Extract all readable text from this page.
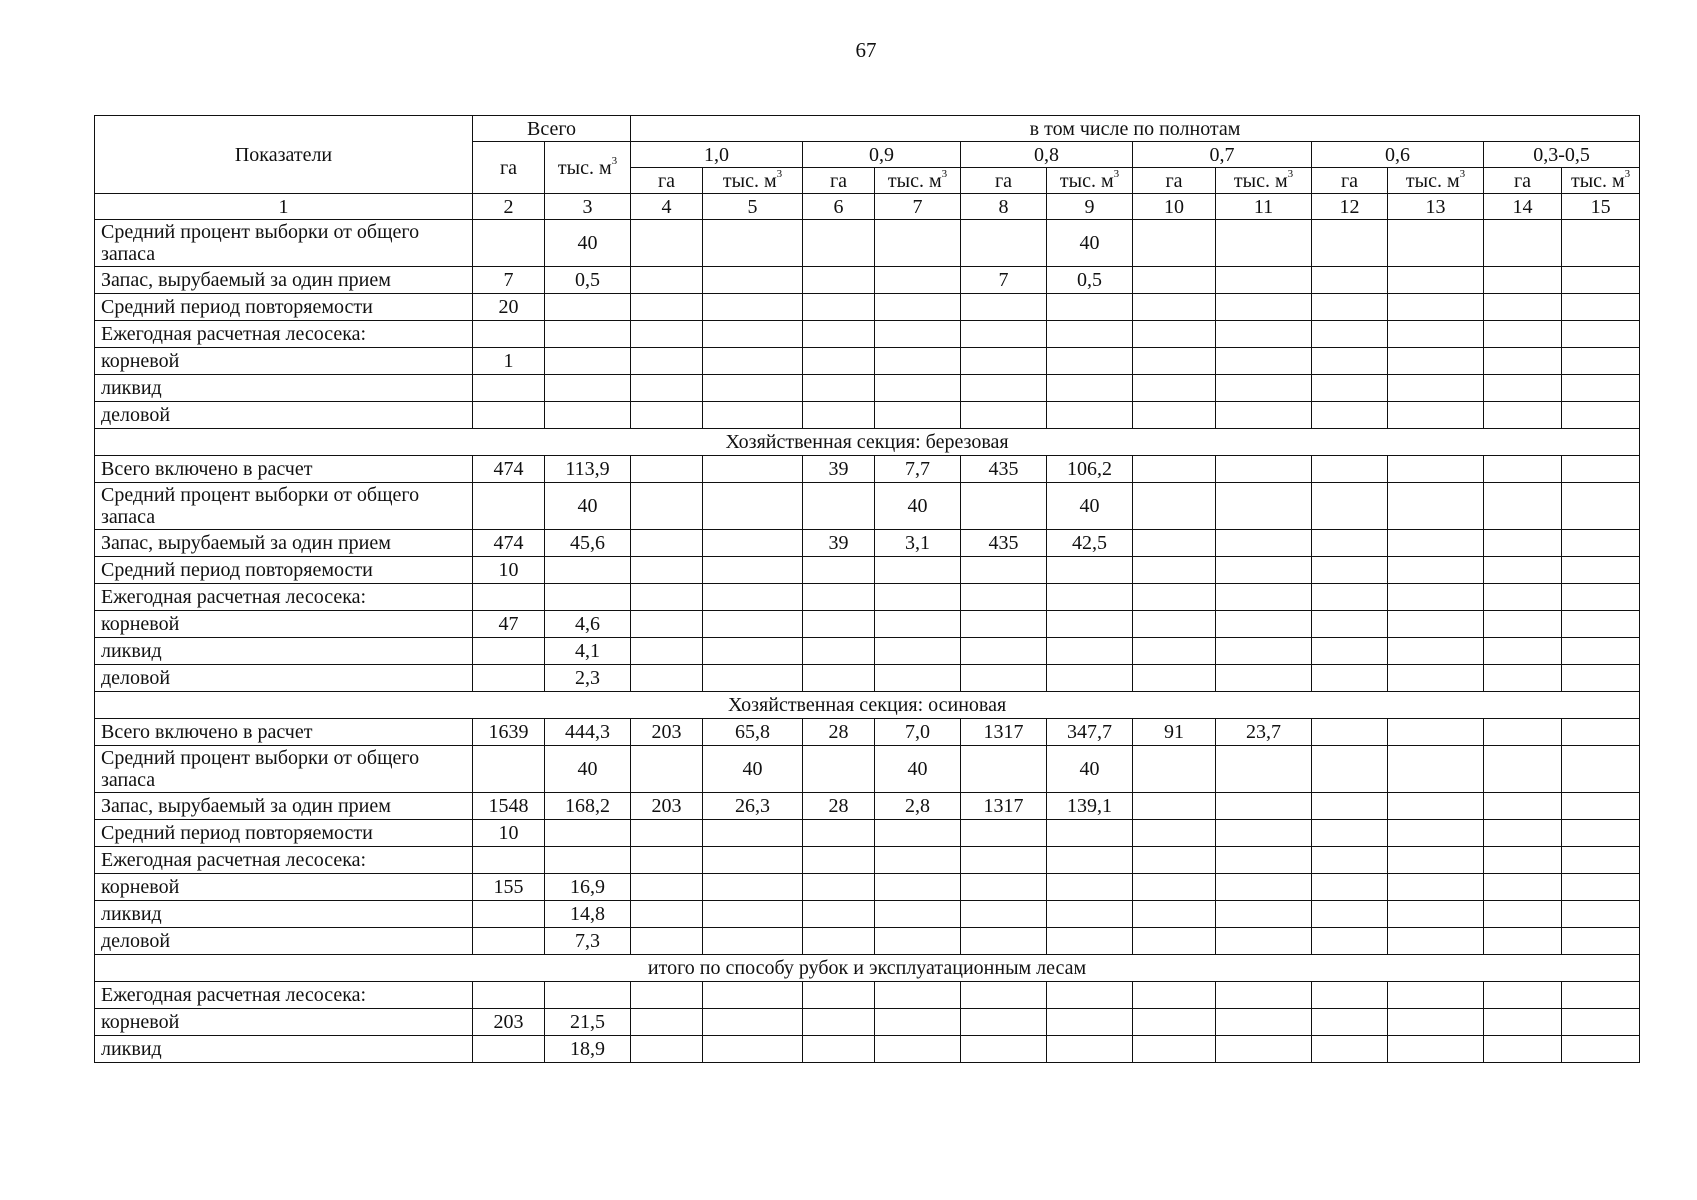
67
Показатели	Всего		в том числе по полнотам											
	га	тыс. $м^3$	1,0		0,9		0,8		0,7		0,6		0,3-0,5	
			га	тыс. $м^3$	га	тыс. $м^3$	га	тыс. $м^3$	га	тыс. $м^3$	га	тыс. $м^3$	га	тыс. $м^3$
1	2	3	4	5	6	7	8	9	10	11	12	13	14	15
Средний процент выборки от общего запаса		40						40						
Запас, вырубаемый за один прием	7	0,5					7	0,5						
Средний период повторяемости	20													
Ежегодная расчетная лесосека:														
корневой	1													
ликвид														
деловой														
Хозяйственная секция: березовая														
Всего включено в расчет	474	113,9			39	7,7	435	106,2						
Средний процент выборки от общего запаса		40				40		40						
Запас, вырубаемый за один прием	474	45,6			39	3,1	435	42,5						
Средний период повторяемости	10													
Ежегодная расчетная лесосека:														
корневой	47	4,6												
ликвид		4,1												
деловой		2,3												
Хозяйственная секция: осиновая														
Всего включено в расчет	1639	444,3	203	65,8	28	7,0	1317	347,7	91	23,7				
Средний процент выборки от общего запаса		40		40		40		40						
Запас, вырубаемый за один прием	1548	168,2	203	26,3	28	2,8	1317	139,1						
Средний период повторяемости	10													
Ежегодная расчетная лесосека:														
корневой	155	16,9												
ликвид		14,8												
деловой		7,3												
итого по способу рубок и эксплуатационным лесам														
Ежегодная расчетная лесосека:														
корневой	203	21,5												
ликвид		18,9												
